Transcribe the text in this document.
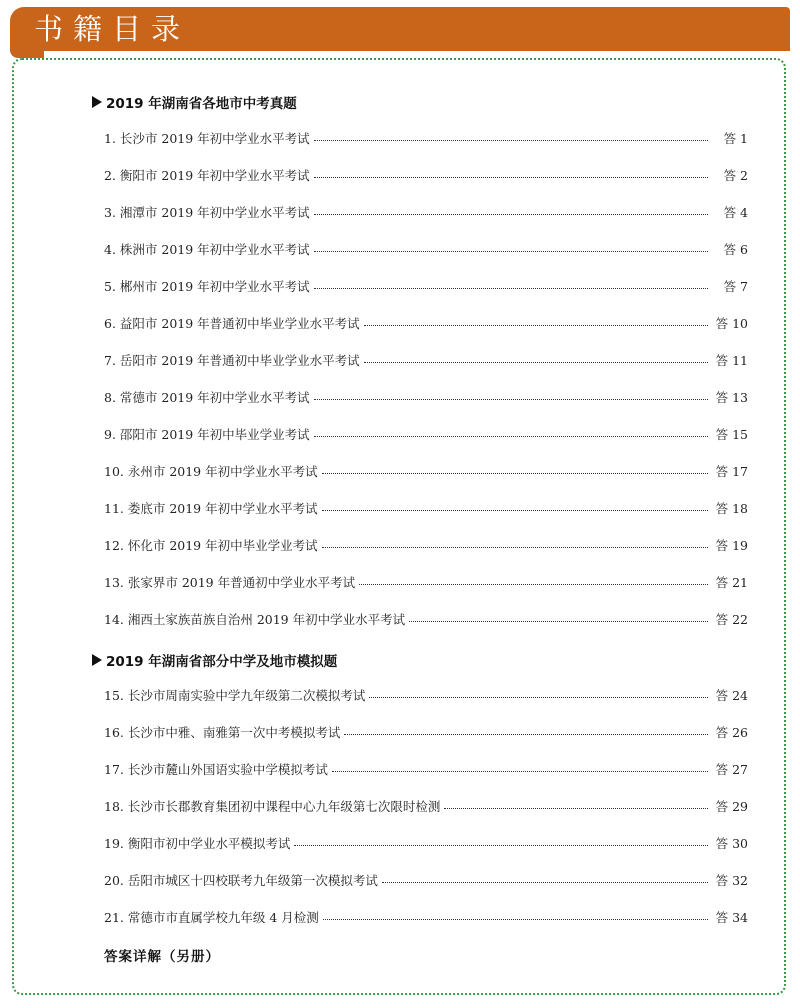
书籍目录
2019 年湖南省各地市中考真题
1. 长沙市 2019 年初中学业水平考试	答 1
2. 衡阳市 2019 年初中学业水平考试	答 2
3. 湘潭市 2019 年初中学业水平考试	答 4
4. 株洲市 2019 年初中学业水平考试	答 6
5. 郴州市 2019 年初中学业水平考试	答 7
6. 益阳市 2019 年普通初中毕业学业水平考试	答 10
7. 岳阳市 2019 年普通初中毕业学业水平考试	答 11
8. 常德市 2019 年初中学业水平考试	答 13
9. 邵阳市 2019 年初中毕业学业考试	答 15
10. 永州市 2019 年初中学业水平考试	答 17
11. 娄底市 2019 年初中学业水平考试	答 18
12. 怀化市 2019 年初中毕业学业考试	答 19
13. 张家界市 2019 年普通初中学业水平考试	答 21
14. 湘西土家族苗族自治州 2019 年初中学业水平考试	答 22
2019 年湖南省部分中学及地市模拟题
15. 长沙市周南实验中学九年级第二次模拟考试	答 24
16. 长沙市中雅、南雅第一次中考模拟考试	答 26
17. 长沙市麓山外国语实验中学模拟考试	答 27
18. 长沙市长郡教育集团初中课程中心九年级第七次限时检测	答 29
19. 衡阳市初中学业水平模拟考试	答 30
20. 岳阳市城区十四校联考九年级第一次模拟考试	答 32
21. 常德市市直属学校九年级 4 月检测	答 34
答案详解（另册）
